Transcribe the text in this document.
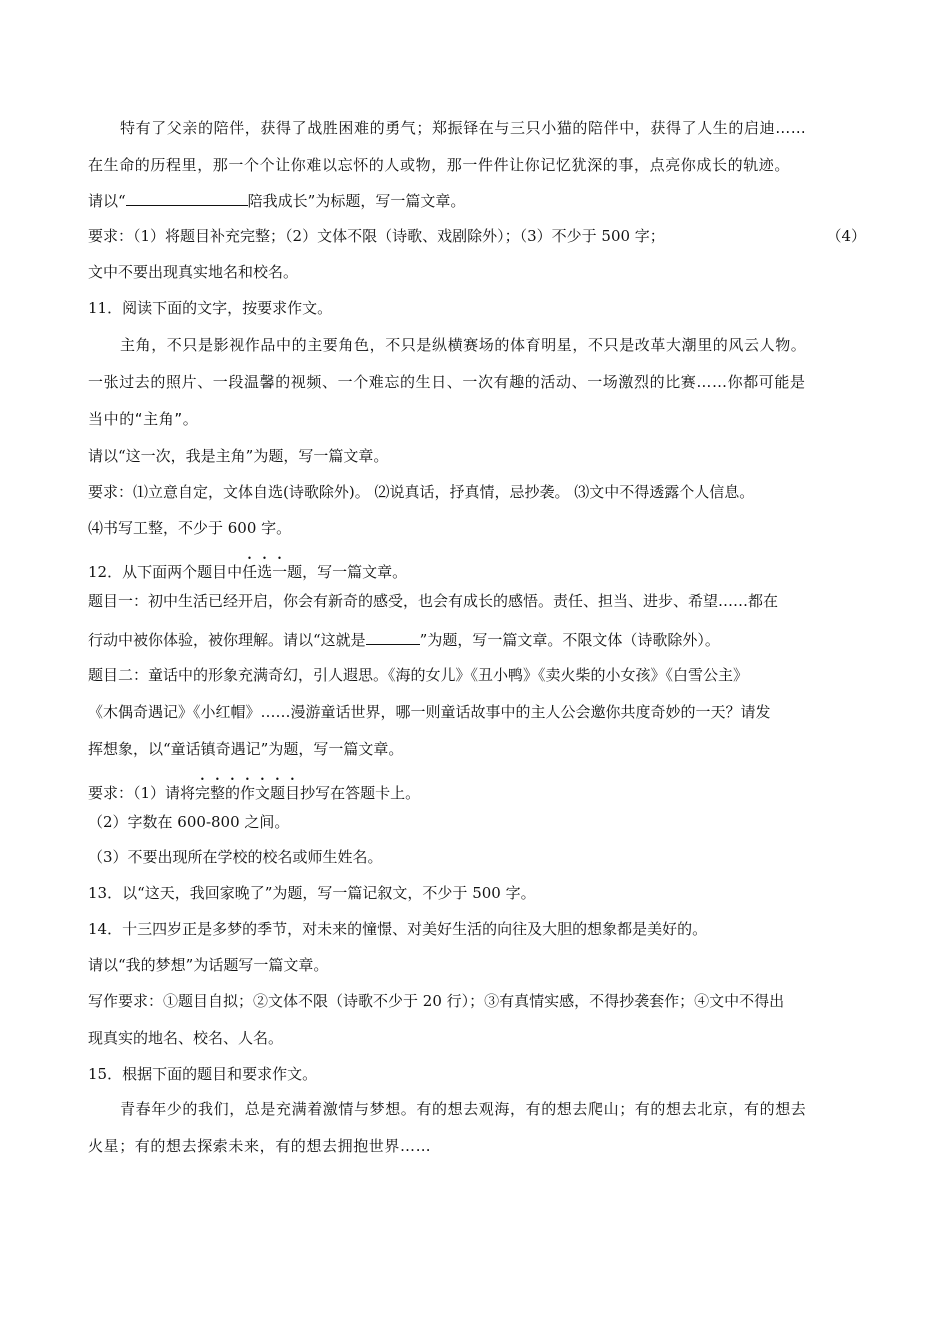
特有了父亲的陪伴，获得了战胜困难的勇气；郑振铎在与三只小猫的陪伴中，获得了人生的启迪……
在生命的历程里，那一个个让你难以忘怀的人或物，那一件件让你记忆犹深的事，点亮你成长的轨迹。
请以“	陪我成长”为标题，写一篇文章。
要求：（1）将题目补充完整；（2）文体不限（诗歌、戏剧除外）；（3）不少于 500 字；	（4）
文中不要出现真实地名和校名。
11．阅读下面的文字，按要求作文。
主角，不只是影视作品中的主要角色，不只是纵横赛场的体育明星，不只是改革大潮里的风云人物。
一张过去的照片、一段温馨的视频、一个难忘的生日、一次有趣的活动、一场激烈的比赛……你都可能是
当中的“主角”。
请以“这一次，我是主角”为题，写一篇文章。
要求：⑴立意自定，文体自选(诗歌除外)。 ⑵说真话，抒真情，忌抄袭。 ⑶文中不得透露个人信息。
⑷书写工整，不少于 600 字。
12．从下面两个题目中任选一题，写一篇文章。
题目一：初中生活已经开启，你会有新奇的感受，也会有成长的感悟。责任、担当、进步、希望……都在
行动中被你体验，被你理解。请以“这就是	”为题，写一篇文章。不限文体（诗歌除外）。
题目二：童话中的形象充满奇幻，引人遐思。《海的女儿》《丑小鸭》《卖火柴的小女孩》《白雪公主》
《木偶奇遇记》《小红帽》……漫游童话世界，哪一则童话故事中的主人公会邀你共度奇妙的一天？请发
挥想象，以“童话镇奇遇记”为题，写一篇文章。
要求：（1）请将完整的作文题目抄写在答题卡上。
（2）字数在 600-800 之间。
（3）不要出现所在学校的校名或师生姓名。
13．以“这天，我回家晚了”为题，写一篇记叙文，不少于 500 字。
14．十三四岁正是多梦的季节，对未来的憧憬、对美好生活的向往及大胆的想象都是美好的。
请以“我的梦想”为话题写一篇文章。
写作要求：①题目自拟；②文体不限（诗歌不少于 20 行）；③有真情实感，不得抄袭套作；④文中不得出
现真实的地名、校名、人名。
15．根据下面的题目和要求作文。
青春年少的我们，总是充满着激情与梦想。有的想去观海，有的想去爬山；有的想去北京，有的想去
火星；有的想去探索未来，有的想去拥抱世界……
